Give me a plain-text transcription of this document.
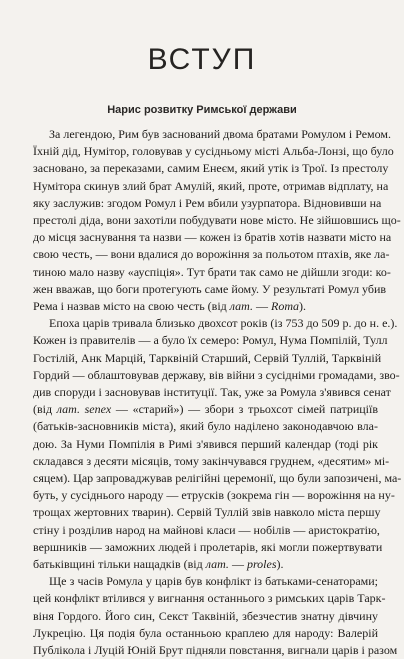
ВСТУП
Нарис розвитку Римської держави
За легендою, Рим був заснований двома братами Ромулом і Ремом.
Їхній дід, Нумітор, головував у сусідньому місті Альба-Лонзі, що було
засновано, за переказами, самим Енеєм, який утік із Трої. Із престолу
Нумітора скинув злий брат Амулій, який, проте, отримав відплату, на
яку заслужив: згодом Ромул і Рем вбили узурпатора. Відновивши на
престолі діда, вони захотіли побудувати нове місто. Не зійшовшись що-
до місця заснування та назви — кожен із братів хотів назвати місто на
свою честь, — вони вдалися до ворожіння за польотом птахів, яке ла-
тиною мало назву «ауспіція». Тут брати так само не дійшли згоди: ко-
жен вважав, що боги протегують саме йому. У результаті Ромул убив
Рема і назвав місто на свою честь (від лат. — Roma).
Епоха царів тривала близько двохсот років (із 753 до 509 р. до н. е.).
Кожен із правителів — а було їх семеро: Ромул, Нума Помпілій, Тулл
Гостілій, Анк Марцій, Тарквіній Старший, Сервій Туллій, Тарквіній
Гордий — облаштовував державу, вів війни з сусідніми громадами, зво-
див споруди і засновував інституції. Так, уже за Ромула з'явився сенат
(від лат. senex — «старий») — збори з трьохсот сімей патриціїв
(батьків-засновників міста), який було наділено законодавчою вла-
дою. За Нуми Помпілія в Римі з'явився перший календар (тоді рік
складався з десяти місяців, тому закінчувався груднем, «десятим» мі-
сяцем). Цар запроваджував релігійні церемонії, що були запозичені, ма-
буть, у сусіднього народу — етрусків (зокрема гін — ворожіння на ну-
трощах жертовних тварин). Сервій Туллій звів навколо міста першу
стіну і розділив народ на майнові класи — нобілів — аристократію,
вершників — заможних людей і пролетарів, які могли пожертвувати
батьківщині тільки нащадків (від лат. — proles).
Ще з часів Ромула у царів був конфлікт із батьками-сенаторами;
цей конфлікт втілився у вигнання останнього з римських царів Тарк-
віня Гордого. Його син, Секст Таквіній, збезчестив знатну дівчину
Лукрецію. Ця подія була останньою краплею для народу: Валерій
Публікола і Луцій Юній Брут підняли повстання, вигнали царів і разом
